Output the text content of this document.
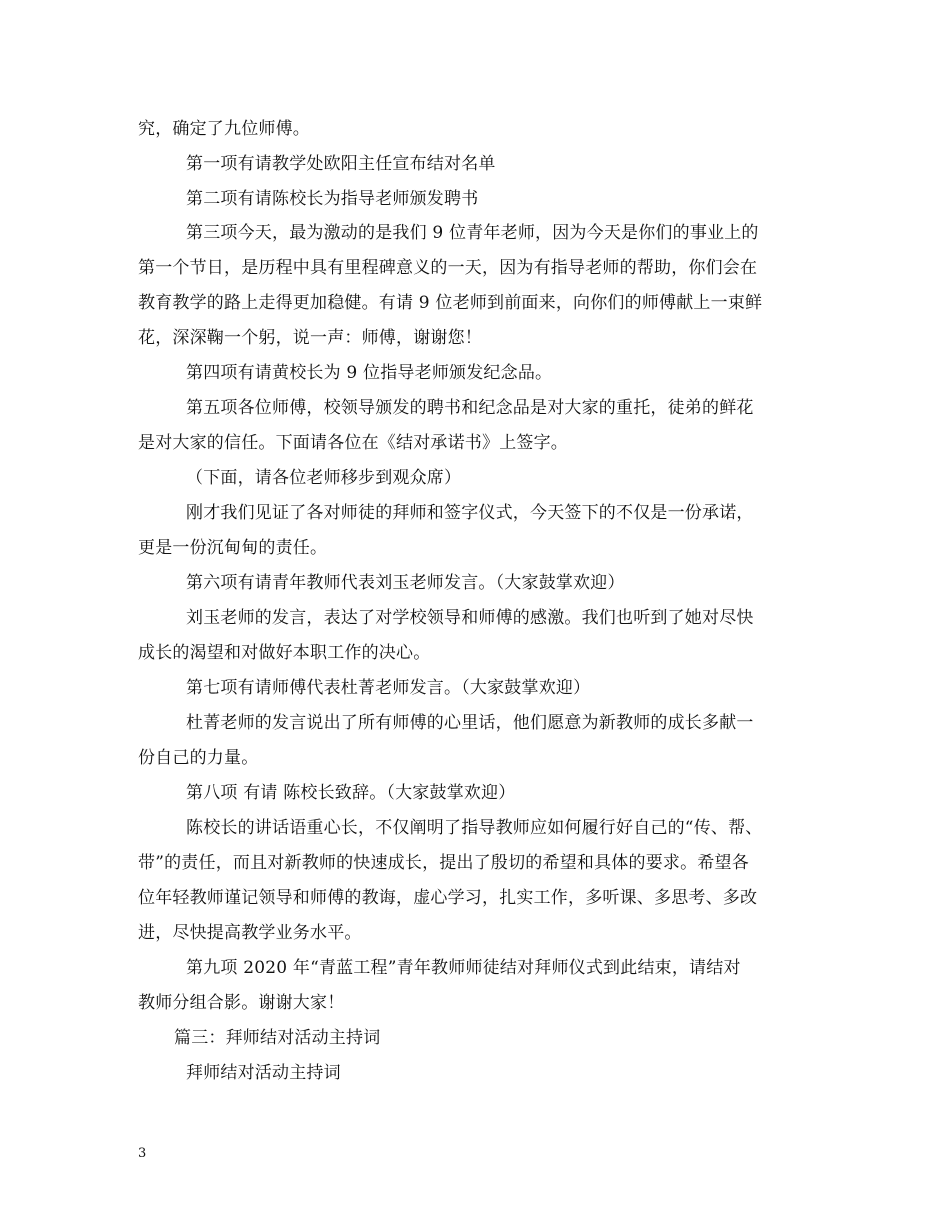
究，确定了九位师傅。
第一项有请教学处欧阳主任宣布结对名单
第二项有请陈校长为指导老师颁发聘书
第三项今天，最为激动的是我们 9 位青年老师，因为今天是你们的事业上的
第一个节日，是历程中具有里程碑意义的一天，因为有指导老师的帮助，你们会在
教育教学的路上走得更加稳健。有请 9 位老师到前面来，向你们的师傅献上一束鲜
花，深深鞠一个躬，说一声：师傅，谢谢您！
第四项有请黄校长为 9 位指导老师颁发纪念品。
第五项各位师傅，校领导颁发的聘书和纪念品是对大家的重托，徒弟的鲜花
是对大家的信任。下面请各位在《结对承诺书》上签字。
（下面，请各位老师移步到观众席）
刚才我们见证了各对师徒的拜师和签字仪式，今天签下的不仅是一份承诺，
更是一份沉甸甸的责任。
第六项有请青年教师代表刘玉老师发言。（大家鼓掌欢迎）
刘玉老师的发言，表达了对学校领导和师傅的感激。我们也听到了她对尽快
成长的渴望和对做好本职工作的决心。
第七项有请师傅代表杜菁老师发言。（大家鼓掌欢迎）
杜菁老师的发言说出了所有师傅的心里话，他们愿意为新教师的成长多献一
份自己的力量。
第八项 有请 陈校长致辞。（大家鼓掌欢迎）
陈校长的讲话语重心长，不仅阐明了指导教师应如何履行好自己的“传、帮、
带”的责任，而且对新教师的快速成长，提出了殷切的希望和具体的要求。希望各
位年轻教师谨记领导和师傅的教诲，虚心学习，扎实工作，多听课、多思考、多改
进，尽快提高教学业务水平。
第九项 2020 年“青蓝工程”青年教师师徒结对拜师仪式到此结束，请结对
教师分组合影。谢谢大家！
篇三：拜师结对活动主持词
拜师结对活动主持词
3
